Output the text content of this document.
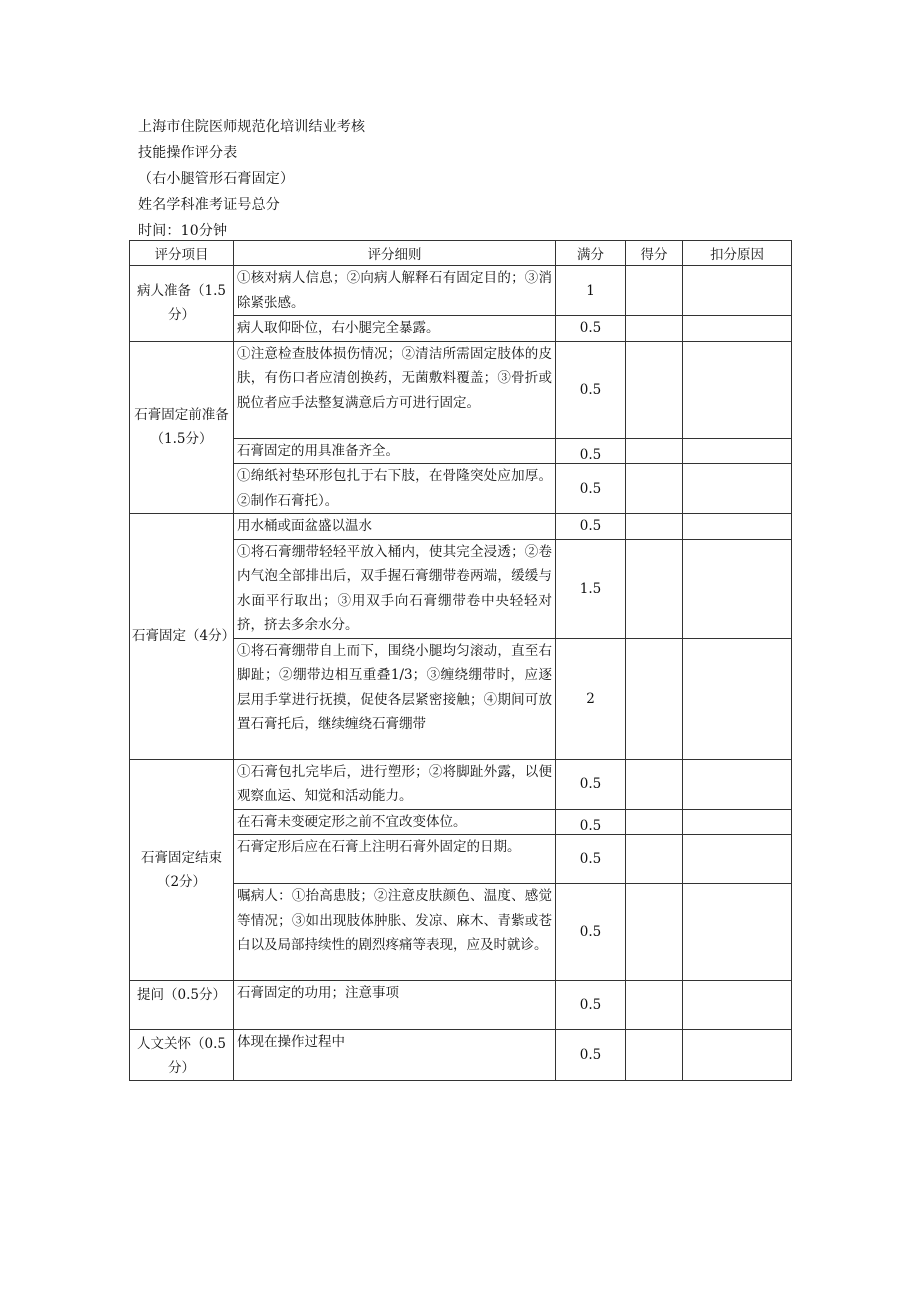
上海市住院医师规范化培训结业考核
技能操作评分表
（右小腿管形石膏固定）
姓名学科准考证号总分
时间：10分钟
评分项目	评分细则	满分	得分	扣分原因
病人准备（1.5分）	①核对病人信息；②向病人解释石有固定目的；③消除紧张感。	1		
	病人取仰卧位，右小腿完全暴露。	0.5		
石膏固定前准备（1.5分）	①注意检查肢体损伤情况；②清洁所需固定肢体的皮肤，有伤口者应清创换药，无菌敷料覆盖；③骨折或脱位者应手法整复满意后方可进行固定。	0.5		
	石膏固定的用具准备齐全。	0.5		
	①绵纸衬垫环形包扎于右下肢，在骨隆突处应加厚。②制作石膏托）。	0.5		
石膏固定（4分）	用水桶或面盆盛以温水	0.5		
	①将石膏绷带轻轻平放入桶内，使其完全浸透；②卷内气泡全部排出后，双手握石膏绷带卷两端，缓缓与水面平行取出；③用双手向石膏绷带卷中央轻轻对挤，挤去多余水分。	1.5		
	①将石膏绷带自上而下，围绕小腿均匀滚动，直至右脚趾；②绷带边相互重叠1/3；③缠绕绷带时，应逐层用手掌进行抚摸，促使各层紧密接触；④期间可放置石膏托后，继续缠绕石膏绷带	2		
石膏固定结束（2分）	①石膏包扎完毕后，进行塑形；②将脚趾外露，以便观察血运、知觉和活动能力。	0.5		
	在石膏未变硬定形之前不宜改变体位。	0.5		
	石膏定形后应在石膏上注明石膏外固定的日期。	0.5		
	嘱病人：①抬高患肢；②注意皮肤颜色、温度、感觉等情况；③如出现肢体肿胀、发凉、麻木、青紫或苍白以及局部持续性的剧烈疼痛等表现，应及时就诊。	0.5		
提问（0.5分）	石膏固定的功用；注意事项	0.5		
人文关怀（0.5分）	体现在操作过程中	0.5		
